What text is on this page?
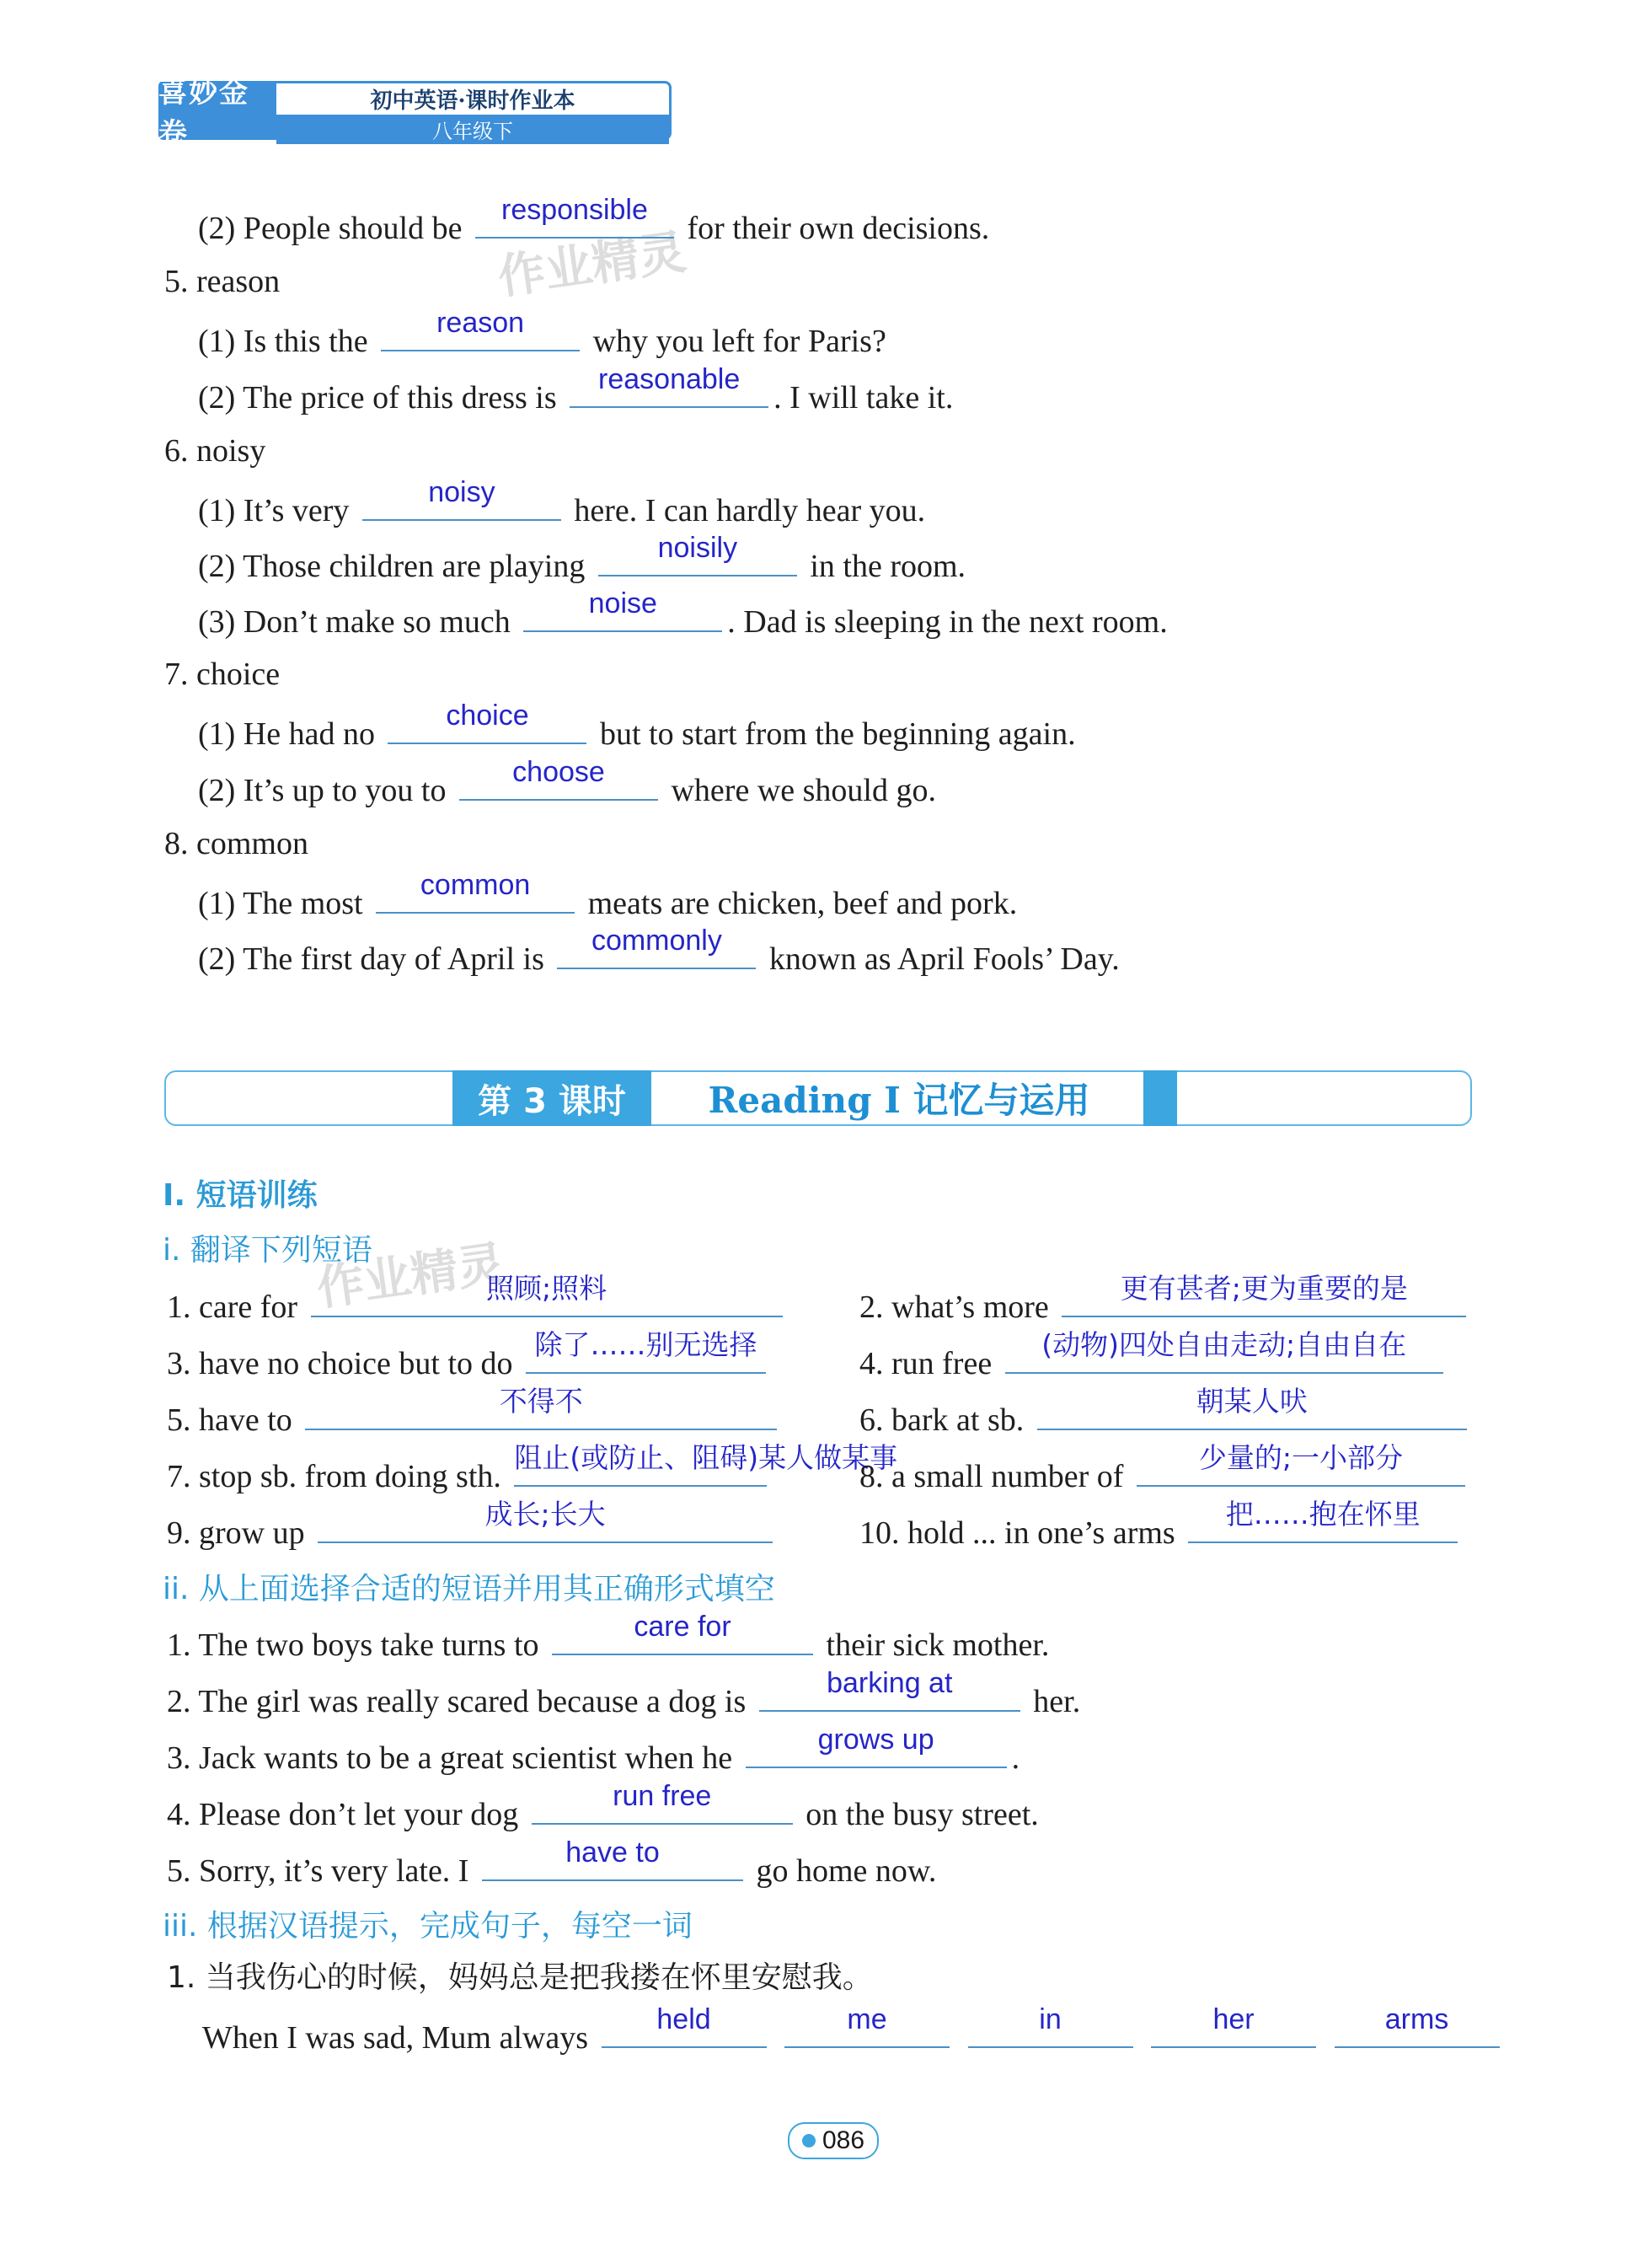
喜妙金卷
初中英语·课时作业本
八年级下
作业精灵
作业精灵
(2) People should be
responsible
for their own decisions.
5. reason
(1) Is this the
reason
why you left for Paris?
(2) The price of this dress is
reasonable
. I will take it.
6. noisy
(1) It’s very
noisy
here. I can hardly hear you.
(2) Those children are playing
noisily
in the room.
(3) Don’t make so much
noise
. Dad is sleeping in the next room.
7. choice
(1) He had no
choice
but to start from the beginning again.
(2) It’s up to you to
choose
where we should go.
8. common
(1) The most
common
meats are chicken, beef and pork.
(2) The first day of April is
commonly
known as April Fools’ Day.
第 3 课时	Reading I 记忆与运用
I. 短语训练
i. 翻译下列短语
1. care for
照顾;照料
2. what’s more
更有甚者;更为重要的是
3. have no choice but to do
除了……别无选择
4. run free
(动物)四处自由走动;自由自在
5. have to
不得不
6. bark at sb.
朝某人吠
7. stop sb. from doing sth.
阻止(或防止、阻碍)某人做某事
8. a small number of
少量的;一小部分
9. grow up
成长;长大
10. hold ... in one’s arms
把……抱在怀里
ii. 从上面选择合适的短语并用其正确形式填空
1. The two boys take turns to
care for
their sick mother.
2. The girl was really scared because a dog is
barking at
her.
3. Jack wants to be a great scientist when he
grows up
.
4. Please don’t let your dog
run free
on the busy street.
5. Sorry, it’s very late. I
have to
go home now.
iii. 根据汉语提示，完成句子，每空一词
1. 当我伤心的时候，妈妈总是把我搂在怀里安慰我。
When I was sad, Mum always
held
	me
	in
	her
	arms
086
